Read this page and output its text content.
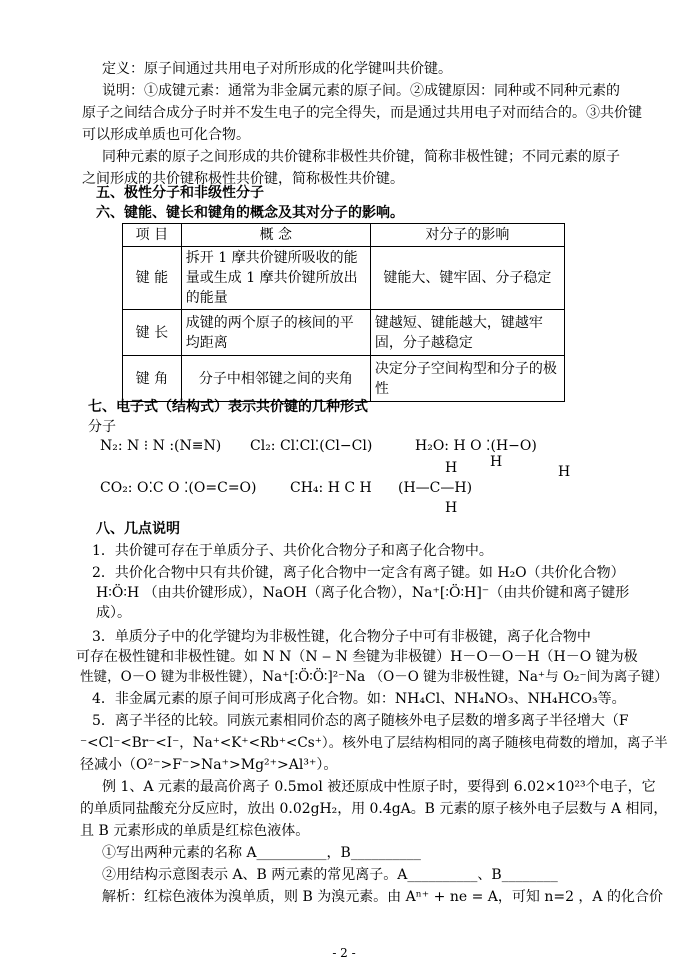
定义：原子间通过共用电子对所形成的化学键叫共价键。
说明：①成键元素：通常为非金属元素的原子间。②成键原因：同种或不同种元素的
原子之间结合成分子时并不发生电子的完全得失，而是通过共用电子对而结合的。③共价键
可以形成单质也可化合物。
同种元素的原子之间形成的共价键称非极性共价键，简称非极性键；不同元素的原子
之间形成的共价键称极性共价键，简称极性共价键。
五、极性分子和非级性分子
六、键能、键长和键角的概念及其对分子的影响。
项 目	概 念	对分子的影响
键 能	拆开 1 摩共价键所吸收的能量或生成 1 摩共价键所放出的能量	键能大、键牢固、分子稳定
键 长	成键的两个原子的核间的平均距离	键越短、键能越大，键越牢固，分子越稳定
键 角	分子中相邻键之间的夹角	决定分子空间构型和分子的极性
七、电子式（结构式）表示共价键的几种形式
分子
N₂: N ⁝ N :(N≡N) Cl₂: Cl⁚Cl⁚(Cl−Cl)	H₂O: H O ⁚(H−O)
H
H
H
CO₂: O⁚C O ⁚(O=C=O) CH₄: H C H (H—C—H)
H
八、几点说明
1．共价键可存在于单质分子、共价化合物分子和离子化合物中。
2．共价化合物中只有共价键，离子化合物中一定含有离子键。如 H₂O（共价化合物）
H∶Ö∶H （由共价键形成），NaOH（离子化合物），Na⁺[∶Ö∶H]⁻（由共价键和离子键形
成）。
3．单质分子中的化学键均为非极性键，化合物分子中可有非极键，离子化合物中
可存在极性键和非极性键。如 N N（N ‒ N 叁键为非极键）H－O－O－H（H－O 键为极
性键，O－O 键为非极性键），Na⁺[∶Ö∶Ö∶]²⁻Na （O－O 键为非极性键，Na⁺与 O₂⁻间为离子键）
4．非金属元素的原子间可形成离子化合物。如：NH₄Cl、NH₄NO₃、NH₄HCO₃等。
5．离子半径的比较。同族元素相同价态的离子随核外电子层数的增多离子半径增大（F
⁻<Cl⁻<Br⁻<I⁻，Na⁺<K⁺<Rb⁺<Cs⁺）。核外电了层结构相同的离子随核电荷数的增加，离子半
径减小（O²⁻>F⁻>Na⁺>Mg²⁺>Al³⁺）。
例 1、A 元素的最高价离子 0.5mol 被还原成中性原子时，要得到 6.02×10²³个电子，它
的单质同盐酸充分反应时，放出 0.02gH₂，用 0.4gA。B 元素的原子核外电子层数与 A 相同，
且 B 元素形成的单质是红棕色液体。
①写出两种元素的名称 A__________，B__________
②用结构示意图表示 A、B 两元素的常见离子。A__________、B________
解析：红棕色液体为溴单质，则 B 为溴元素。由 Aⁿ⁺ + ne = A，可知 n=2 ，A 的化合价
- 2 -
